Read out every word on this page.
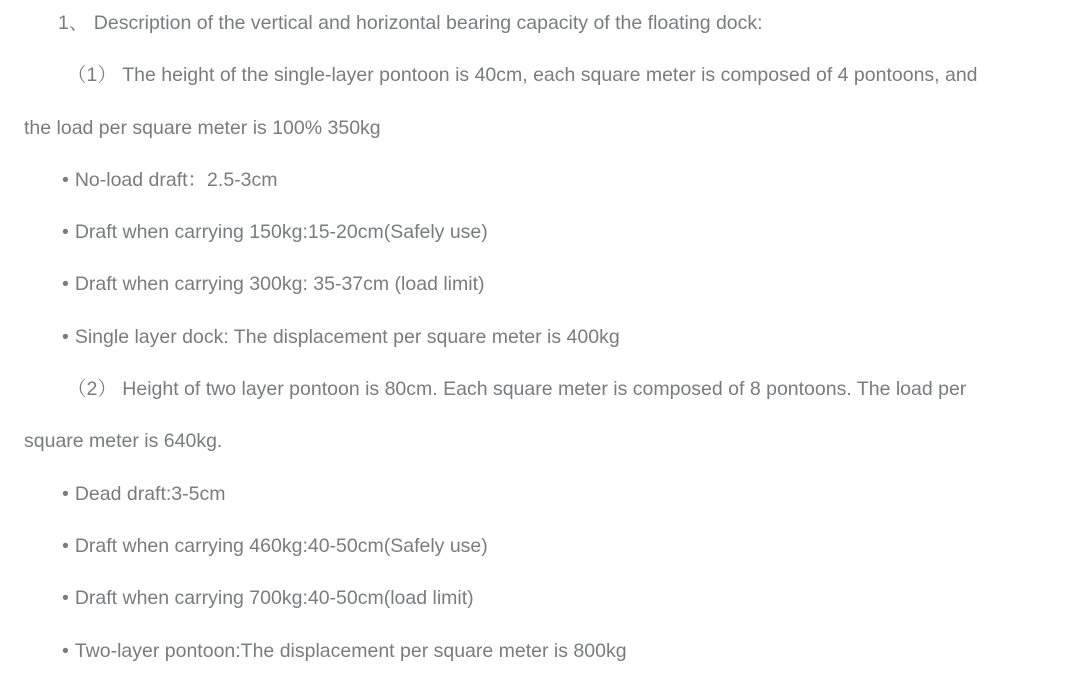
1、 Description of the vertical and horizontal bearing capacity of the floating dock:
（1） The height of the single-layer pontoon is 40cm, each square meter is composed of 4 pontoons, and
the load per square meter is 100% 350kg
• No-load draft：2.5-3cm
• Draft when carrying 150kg:15-20cm(Safely use)
• Draft when carrying 300kg: 35-37cm (load limit)
• Single layer dock: The displacement per square meter is 400kg
（2） Height of two layer pontoon is 80cm. Each square meter is composed of 8 pontoons. The load per
square meter is 640kg.
• Dead draft:3-5cm
• Draft when carrying 460kg:40-50cm(Safely use)
• Draft when carrying 700kg:40-50cm(load limit)
• Two-layer pontoon:The displacement per square meter is 800kg
